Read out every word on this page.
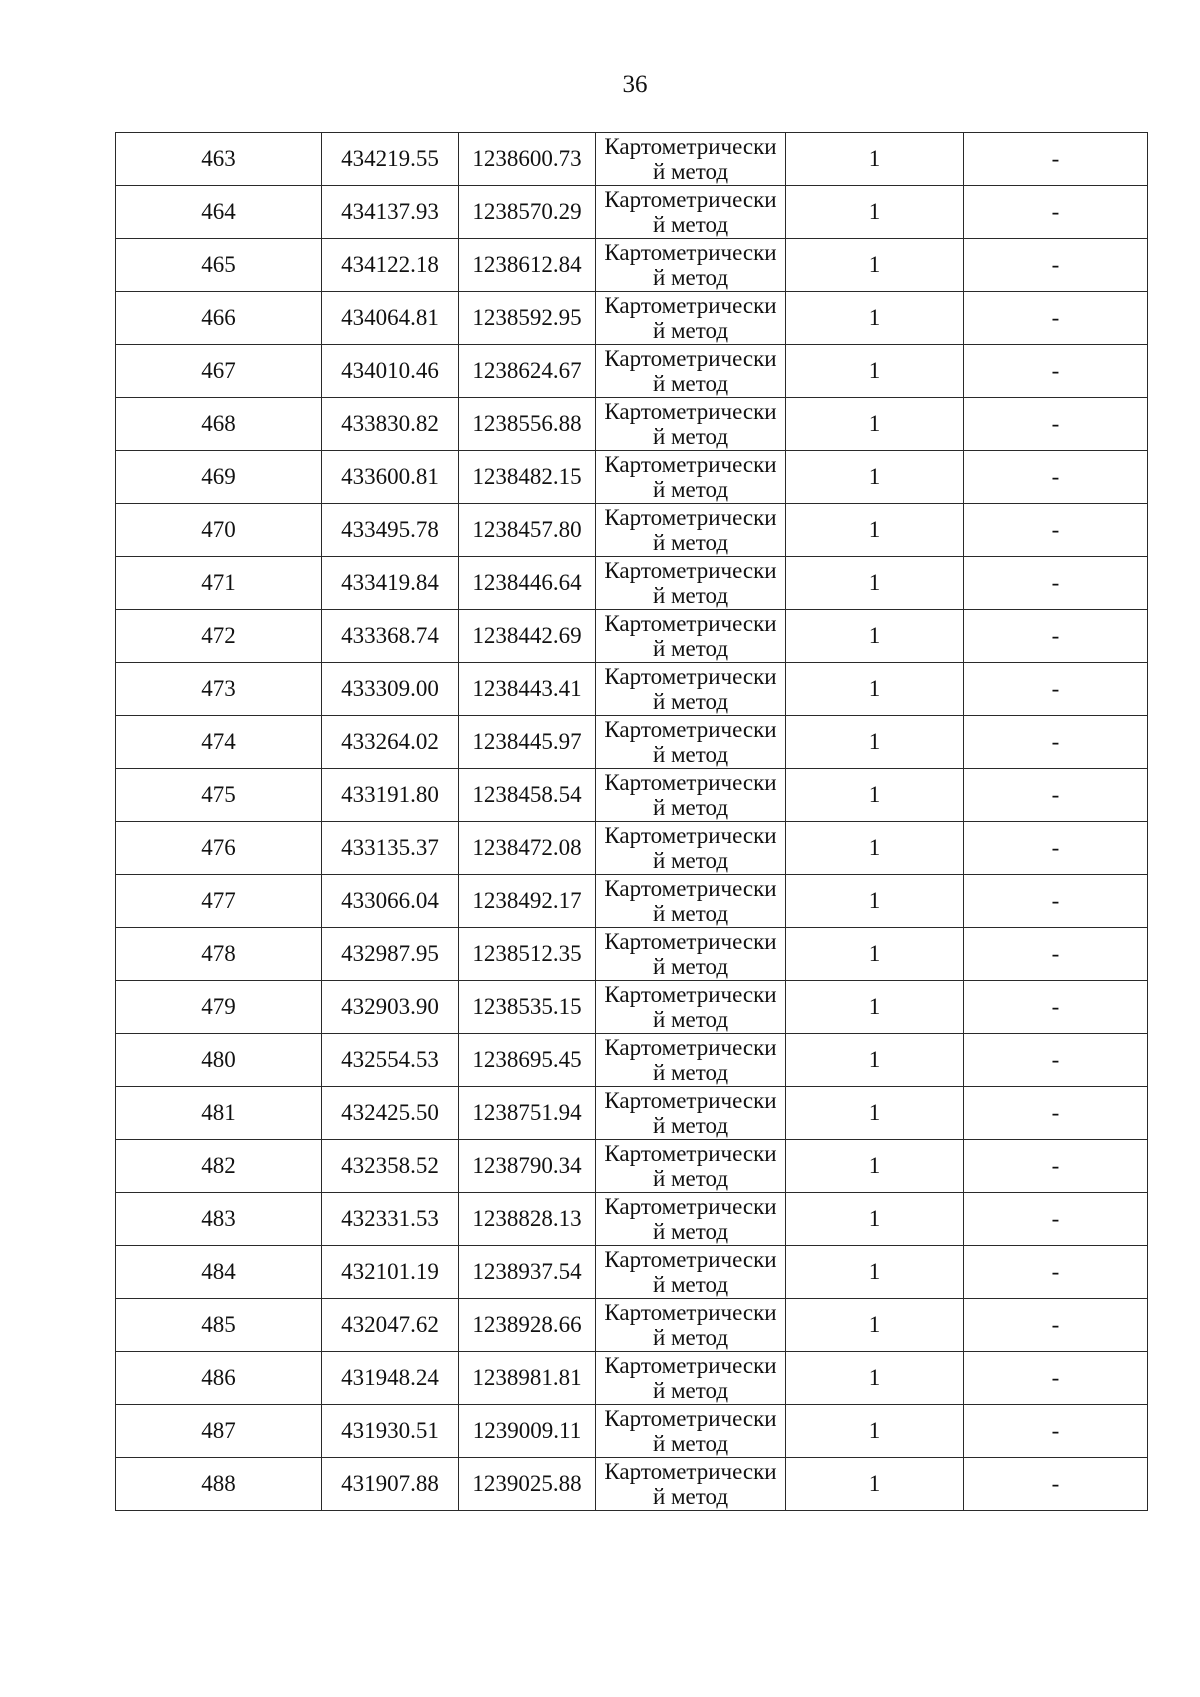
36
463	434219.55	1238600.73	Картометрически
й метод	1	-
464	434137.93	1238570.29	Картометрически
й метод	1	-
465	434122.18	1238612.84	Картометрически
й метод	1	-
466	434064.81	1238592.95	Картометрически
й метод	1	-
467	434010.46	1238624.67	Картометрически
й метод	1	-
468	433830.82	1238556.88	Картометрически
й метод	1	-
469	433600.81	1238482.15	Картометрически
й метод	1	-
470	433495.78	1238457.80	Картометрически
й метод	1	-
471	433419.84	1238446.64	Картометрически
й метод	1	-
472	433368.74	1238442.69	Картометрически
й метод	1	-
473	433309.00	1238443.41	Картометрически
й метод	1	-
474	433264.02	1238445.97	Картометрически
й метод	1	-
475	433191.80	1238458.54	Картометрически
й метод	1	-
476	433135.37	1238472.08	Картометрически
й метод	1	-
477	433066.04	1238492.17	Картометрически
й метод	1	-
478	432987.95	1238512.35	Картометрически
й метод	1	-
479	432903.90	1238535.15	Картометрически
й метод	1	-
480	432554.53	1238695.45	Картометрически
й метод	1	-
481	432425.50	1238751.94	Картометрически
й метод	1	-
482	432358.52	1238790.34	Картометрически
й метод	1	-
483	432331.53	1238828.13	Картометрически
й метод	1	-
484	432101.19	1238937.54	Картометрически
й метод	1	-
485	432047.62	1238928.66	Картометрически
й метод	1	-
486	431948.24	1238981.81	Картометрически
й метод	1	-
487	431930.51	1239009.11	Картометрически
й метод	1	-
488	431907.88	1239025.88	Картометрически
й метод	1	-
